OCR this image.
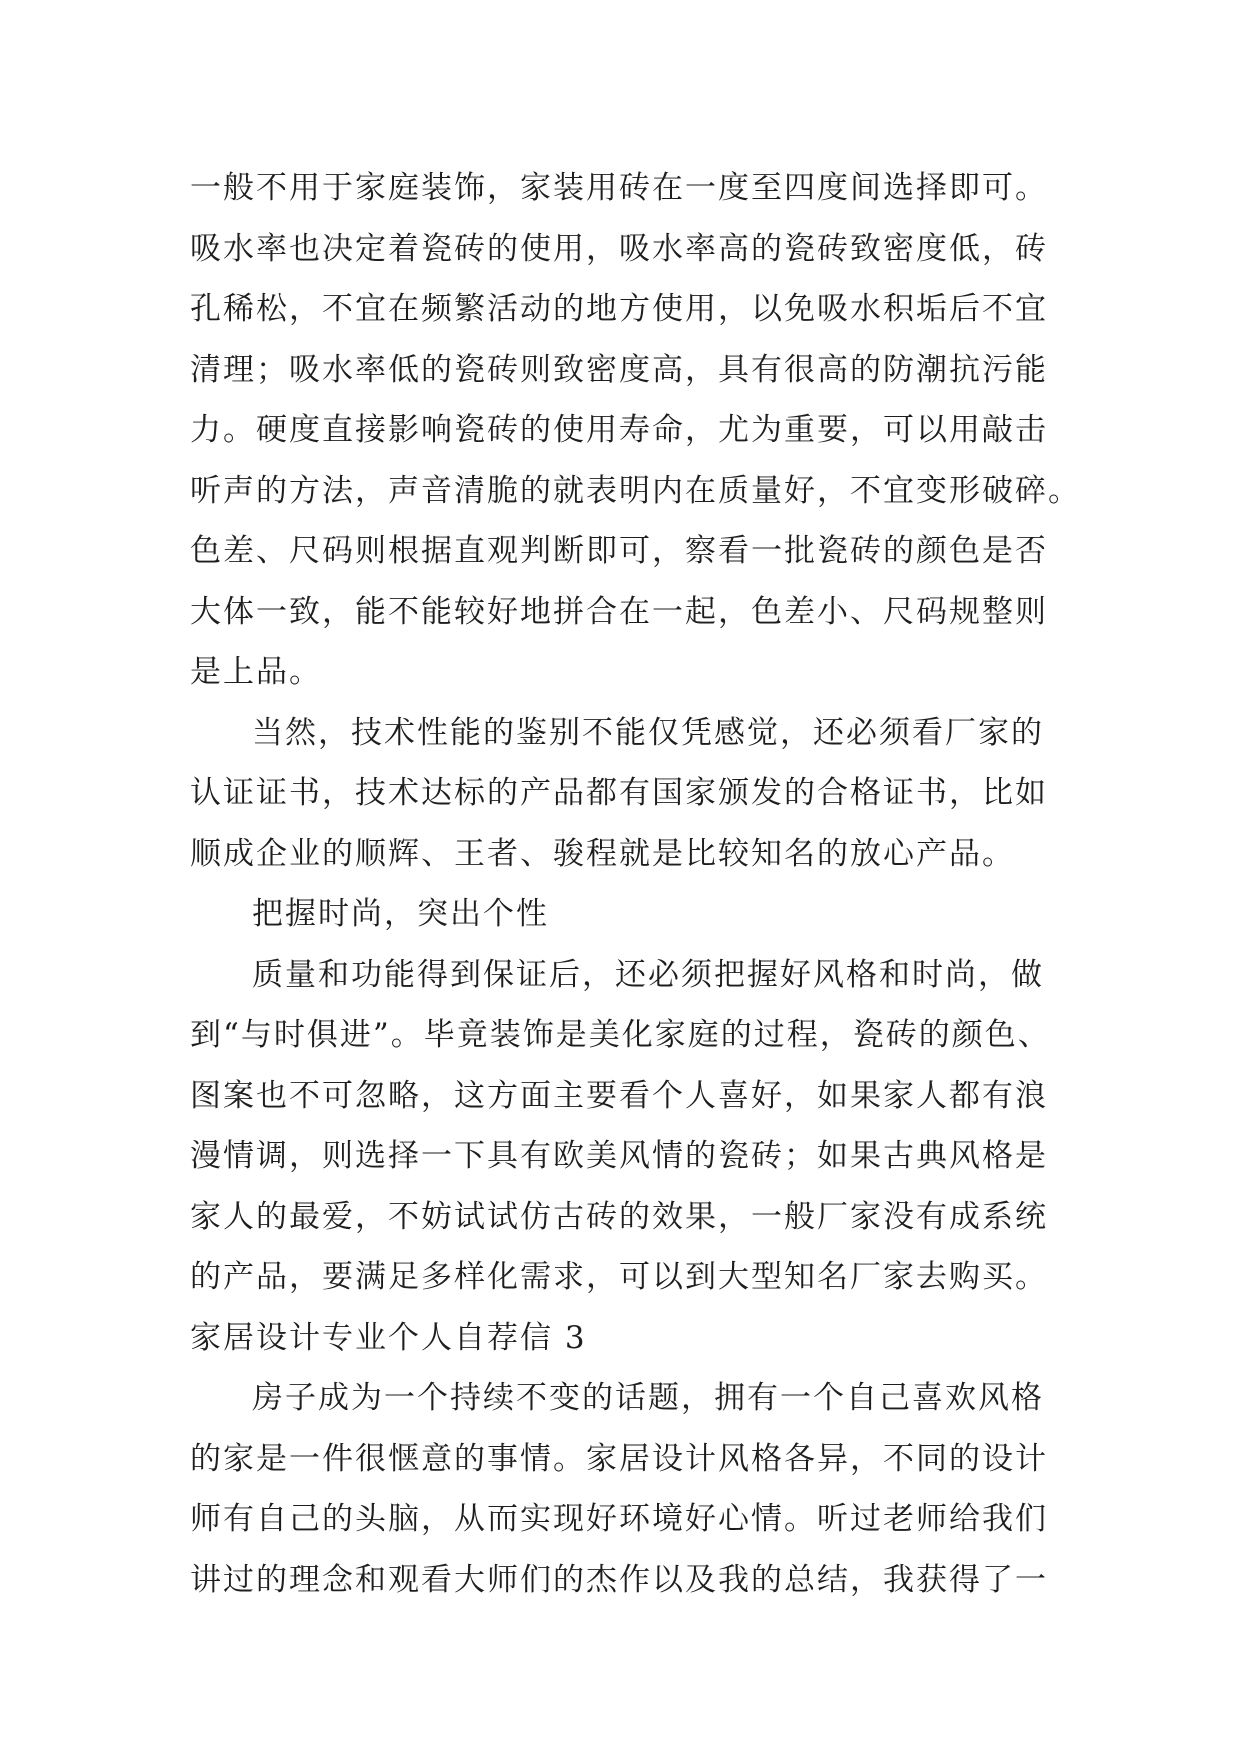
一般不用于家庭装饰，家装用砖在一度至四度间选择即可。
吸水率也决定着瓷砖的使用，吸水率高的瓷砖致密度低，砖
孔稀松，不宜在频繁活动的地方使用，以免吸水积垢后不宜
清理；吸水率低的瓷砖则致密度高，具有很高的防潮抗污能
力。硬度直接影响瓷砖的使用寿命，尤为重要，可以用敲击
听声的方法，声音清脆的就表明内在质量好，不宜变形破碎。
色差、尺码则根据直观判断即可，察看一批瓷砖的颜色是否
大体一致，能不能较好地拼合在一起，色差小、尺码规整则
是上品。
当然，技术性能的鉴别不能仅凭感觉，还必须看厂家的
认证证书，技术达标的产品都有国家颁发的合格证书，比如
顺成企业的顺辉、王者、骏程就是比较知名的放心产品。
把握时尚，突出个性
质量和功能得到保证后，还必须把握好风格和时尚，做
到“与时俱进”。毕竟装饰是美化家庭的过程，瓷砖的颜色、
图案也不可忽略，这方面主要看个人喜好，如果家人都有浪
漫情调，则选择一下具有欧美风情的瓷砖；如果古典风格是
家人的最爱，不妨试试仿古砖的效果，一般厂家没有成系统
的产品，要满足多样化需求，可以到大型知名厂家去购买。
家居设计专业个人自荐信 3
房子成为一个持续不变的话题，拥有一个自己喜欢风格
的家是一件很惬意的事情。家居设计风格各异，不同的设计
师有自己的头脑，从而实现好环境好心情。听过老师给我们
讲过的理念和观看大师们的杰作以及我的总结，我获得了一
